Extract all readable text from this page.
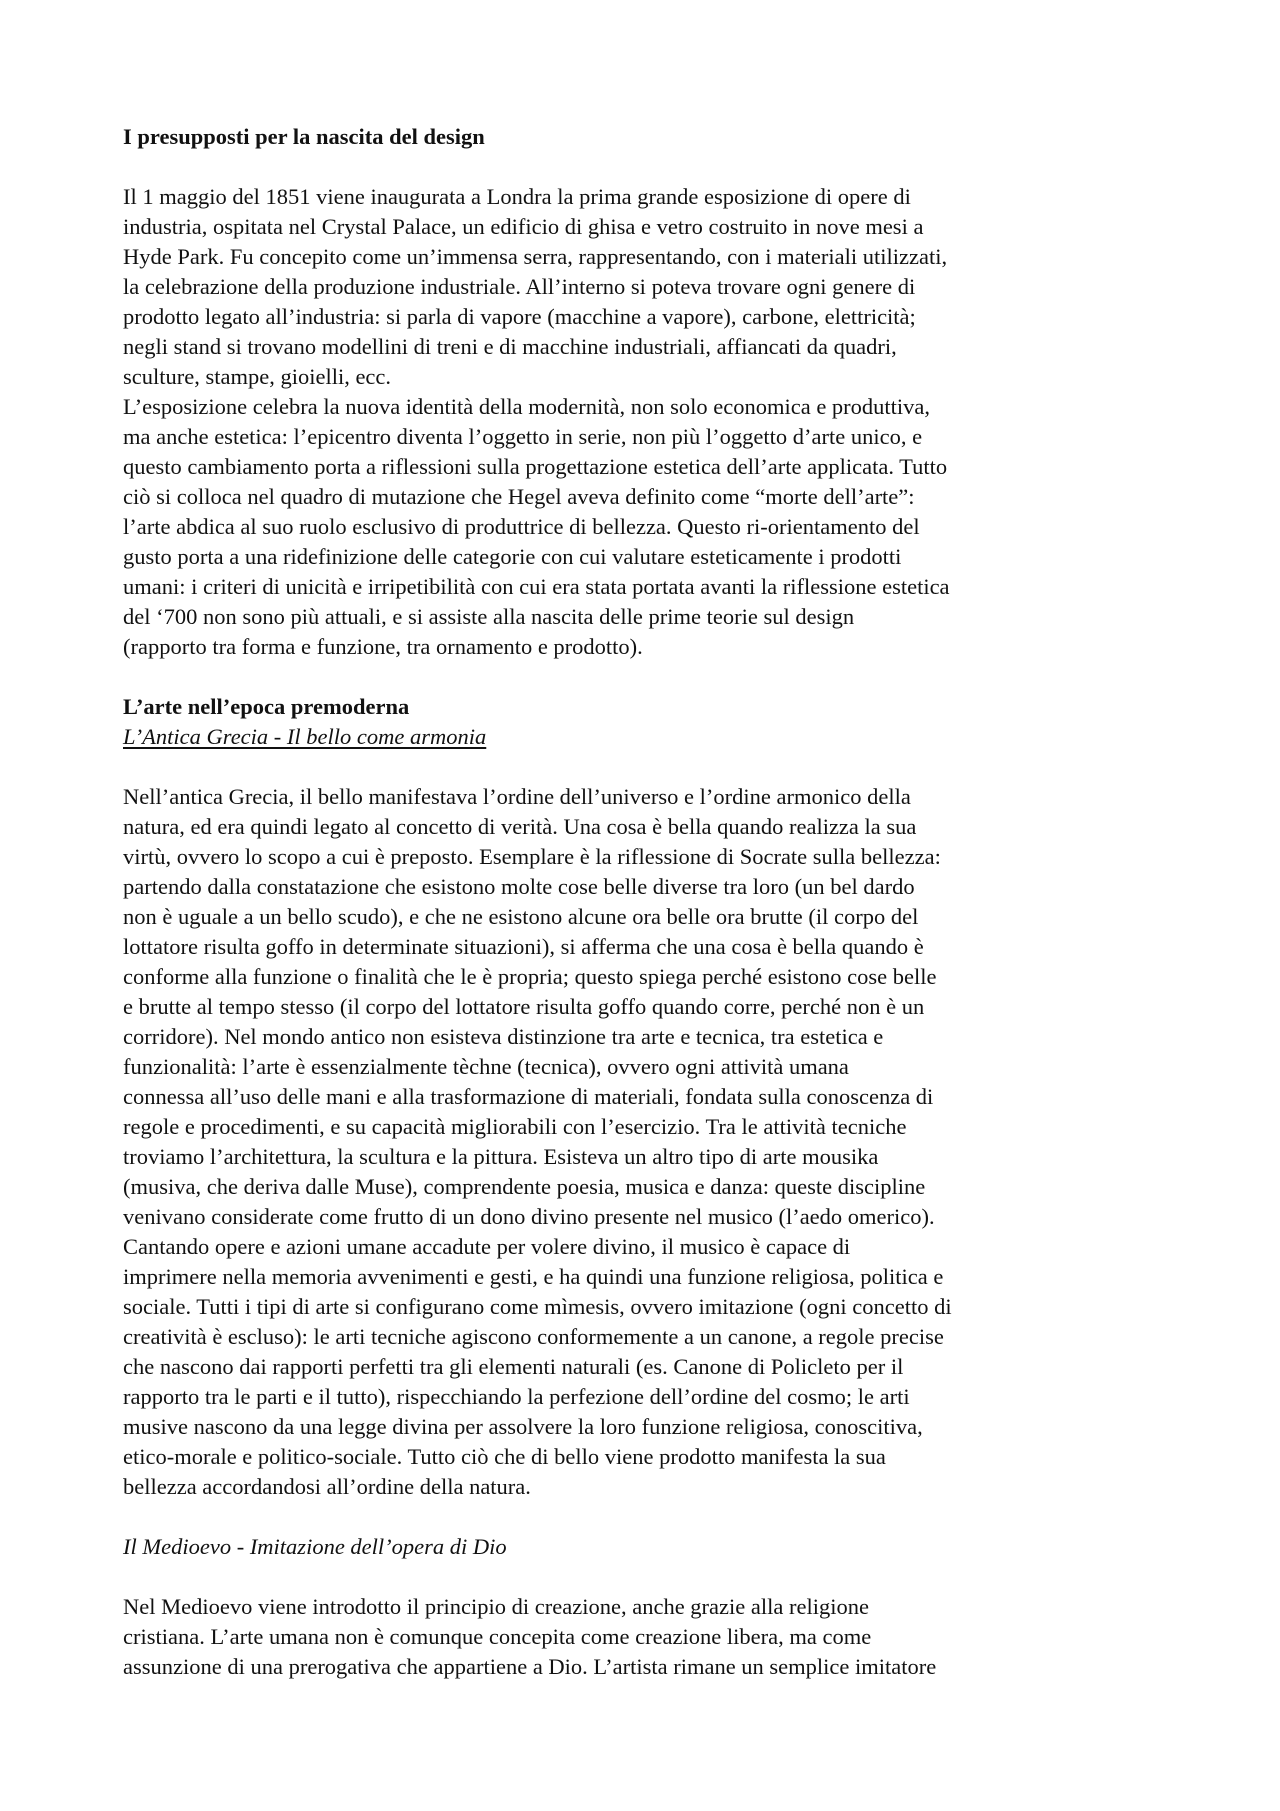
I presupposti per la nascita del design

Il 1 maggio del 1851 viene inaugurata a Londra la prima grande esposizione di opere di
industria, ospitata nel Crystal Palace, un edificio di ghisa e vetro costruito in nove mesi a
Hyde Park. Fu concepito come un’immensa serra, rappresentando, con i materiali utilizzati,
la celebrazione della produzione industriale. All’interno si poteva trovare ogni genere di
prodotto legato all’industria: si parla di vapore (macchine a vapore), carbone, elettricità;
negli stand si trovano modellini di treni e di macchine industriali, affiancati da quadri,
sculture, stampe, gioielli, ecc.

L’esposizione celebra la nuova identità della modernità, non solo economica e produttiva,
ma anche estetica: l’epicentro diventa l’oggetto in serie, non più l’oggetto d’arte unico, e
questo cambiamento porta a riflessioni sulla progettazione estetica dell’arte applicata. Tutto
ciò si colloca nel quadro di mutazione che Hegel aveva definito come “morte dell’arte”:
l’arte abdica al suo ruolo esclusivo di produttrice di bellezza. Questo ri-orientamento del
gusto porta a una ridefinizione delle categorie con cui valutare esteticamente i prodotti
umani: i criteri di unicità e irripetibilità con cui era stata portata avanti la riflessione estetica
del ‘700 non sono più attuali, e si assiste alla nascita delle prime teorie sul design
(rapporto tra forma e funzione, tra ornamento e prodotto).

L’arte nell’epoca premoderna

L’Antica Grecia - Il bello come armonia

Nell’antica Grecia, il bello manifestava l’ordine dell’universo e l’ordine armonico della
natura, ed era quindi legato al concetto di verità. Una cosa è bella quando realizza la sua
virtù, ovvero lo scopo a cui è preposto. Esemplare è la riflessione di Socrate sulla bellezza:
partendo dalla constatazione che esistono molte cose belle diverse tra loro (un bel dardo
non è uguale a un bello scudo), e che ne esistono alcune ora belle ora brutte (il corpo del
lottatore risulta goffo in determinate situazioni), si afferma che una cosa è bella quando è
conforme alla funzione o finalità che le è propria; questo spiega perché esistono cose belle
e brutte al tempo stesso (il corpo del lottatore risulta goffo quando corre, perché non è un
corridore). Nel mondo antico non esisteva distinzione tra arte e tecnica, tra estetica e
funzionalità: l’arte è essenzialmente tèchne (tecnica), ovvero ogni attività umana
connessa all’uso delle mani e alla trasformazione di materiali, fondata sulla conoscenza di
regole e procedimenti, e su capacità migliorabili con l’esercizio. Tra le attività tecniche
troviamo l’architettura, la scultura e la pittura. Esisteva un altro tipo di arte mousika
(musiva, che deriva dalle Muse), comprendente poesia, musica e danza: queste discipline
venivano considerate come frutto di un dono divino presente nel musico (l’aedo omerico).
Cantando opere e azioni umane accadute per volere divino, il musico è capace di
imprimere nella memoria avvenimenti e gesti, e ha quindi una funzione religiosa, politica e
sociale. Tutti i tipi di arte si configurano come mìmesis, ovvero imitazione (ogni concetto di
creatività è escluso): le arti tecniche agiscono conformemente a un canone, a regole precise
che nascono dai rapporti perfetti tra gli elementi naturali (es. Canone di Policleto per il
rapporto tra le parti e il tutto), rispecchiando la perfezione dell’ordine del cosmo; le arti
musive nascono da una legge divina per assolvere la loro funzione religiosa, conoscitiva,
etico-morale e politico-sociale. Tutto ciò che di bello viene prodotto manifesta la sua
bellezza accordandosi all’ordine della natura.

Il Medioevo - Imitazione dell’opera di Dio

Nel Medioevo viene introdotto il principio di creazione, anche grazie alla religione
cristiana. L’arte umana non è comunque concepita come creazione libera, ma come
assunzione di una prerogativa che appartiene a Dio. L’artista rimane un semplice imitatore
